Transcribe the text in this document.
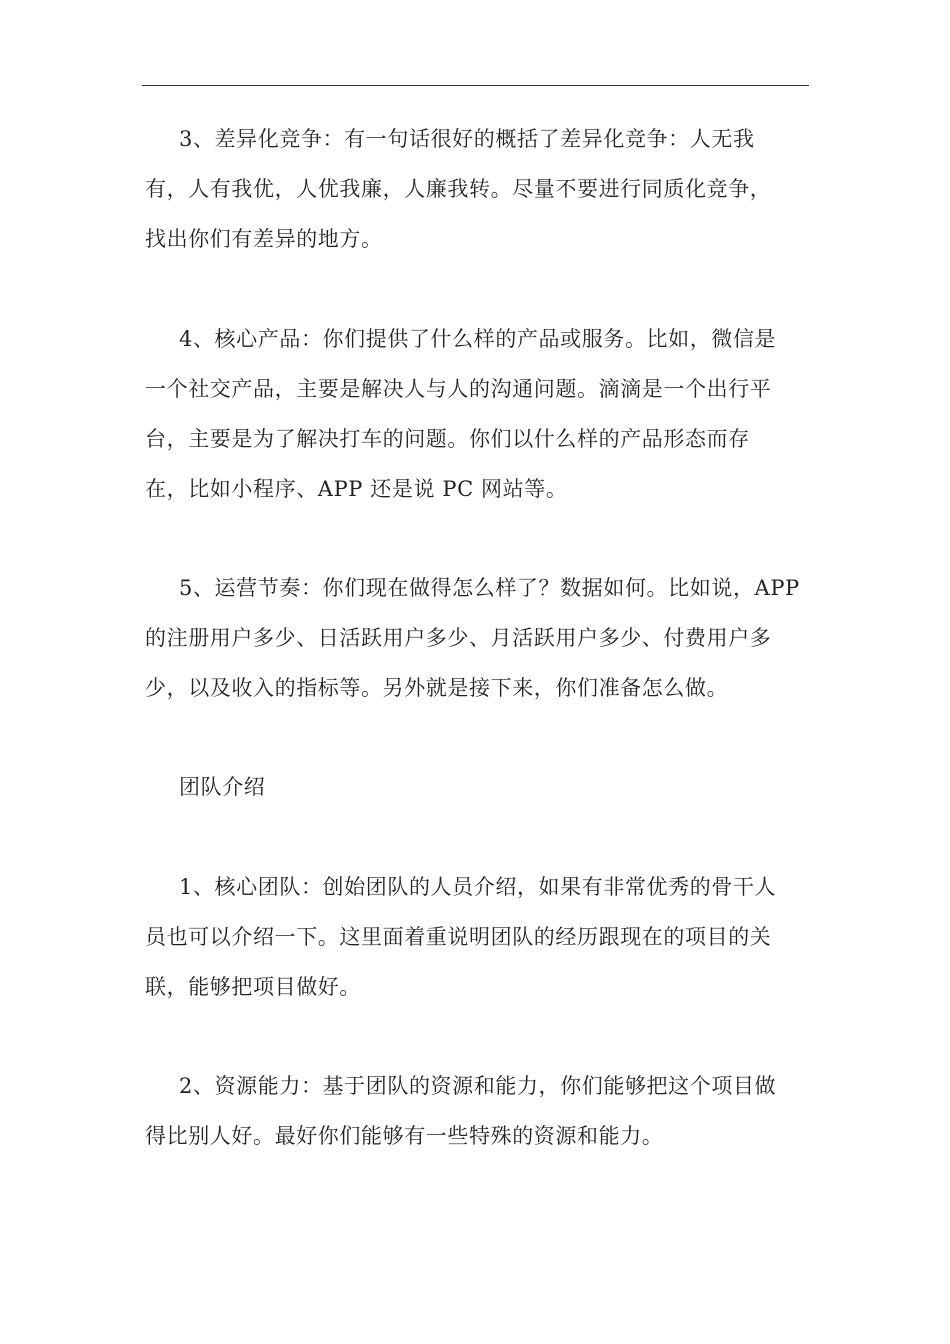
3、差异化竞争：有一句话很好的概括了差异化竞争：人无我
有，人有我优，人优我廉，人廉我转。尽量不要进行同质化竞争，
找出你们有差异的地方。

4、核心产品：你们提供了什么样的产品或服务。比如，微信是
一个社交产品，主要是解决人与人的沟通问题。滴滴是一个出行平
台，主要是为了解决打车的问题。你们以什么样的产品形态而存
在，比如小程序、APP 还是说 PC 网站等。

5、运营节奏：你们现在做得怎么样了？数据如何。比如说，APP
的注册用户多少、日活跃用户多少、月活跃用户多少、付费用户多
少，以及收入的指标等。另外就是接下来，你们准备怎么做。

团队介绍

1、核心团队：创始团队的人员介绍，如果有非常优秀的骨干人
员也可以介绍一下。这里面着重说明团队的经历跟现在的项目的关
联，能够把项目做好。

2、资源能力：基于团队的资源和能力，你们能够把这个项目做
得比别人好。最好你们能够有一些特殊的资源和能力。
